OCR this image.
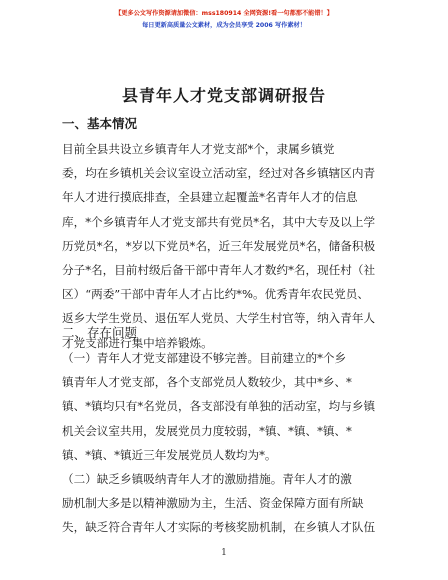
【更多公文写作资源请加微信：mss180914 全网资源!看一句都那不能错！】
每日更新高质量公文素材，成为会员享受 2006 写作素材！
县青年人才党支部调研报告
一、基本情况
目前全县共设立乡镇青年人才党支部*个，隶属乡镇党
委，均在乡镇机关会议室设立活动室，经过对各乡镇辖区内青
年人才进行摸底排查，全县建立起覆盖*名青年人才的信息
库，*个乡镇青年人才党支部共有党员*名，其中大专及以上学
历党员*名，*岁以下党员*名，近三年发展党员*名，储备积极
分子*名，目前村级后备干部中青年人才数约*名，现任村（社
区）“两委”干部中青年人才占比约*%。优秀青年农民党员、
返乡大学生党员、退伍军人党员、大学生村官等，纳入青年人
才党支部进行集中培养锻炼。
二、存在问题
（一）青年人才党支部建设不够完善。目前建立的*个乡
镇青年人才党支部，各个支部党员人数较少，其中*乡、*
镇、*镇均只有*名党员，各支部没有单独的活动室，均与乡镇
机关会议室共用，发展党员力度较弱，*镇、*镇、*镇、*
镇、*镇、*镇近三年发展党员人数均为*。
（二）缺乏乡镇吸纳青年人才的激励措施。青年人才的激
励机制大多是以精神激励为主，生活、资金保障方面有所缺
失，缺乏符合青年人才实际的考核奖励机制，在乡镇人才队伍
1
